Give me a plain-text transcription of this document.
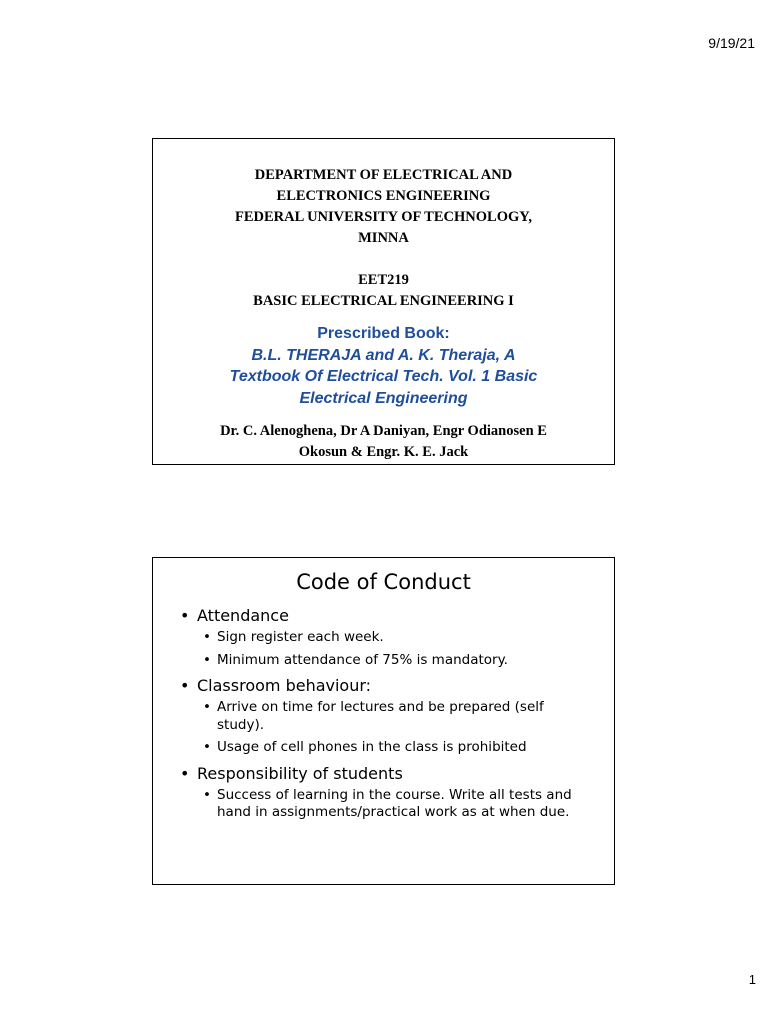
9/19/21
DEPARTMENT OF ELECTRICAL AND
ELECTRONICS ENGINEERING
FEDERAL UNIVERSITY OF TECHNOLOGY,
MINNA
EET219
BASIC ELECTRICAL ENGINEERING I
Prescribed Book:
B.L. THERAJA and A. K. Theraja, A
Textbook Of Electrical Tech. Vol. 1 Basic
Electrical Engineering
Dr. C. Alenoghena, Dr A Daniyan, Engr Odianosen E
Okosun & Engr. K. E. Jack
Code of Conduct
• Attendance
• Sign register each week.
• Minimum attendance of 75% is mandatory.
• Classroom behaviour:
• Arrive on time for lectures and be prepared (self study).
• Usage of cell phones in the class is prohibited
• Responsibility of students
• Success of learning in the course. Write all tests and hand in assignments/practical work as at when due.
1
